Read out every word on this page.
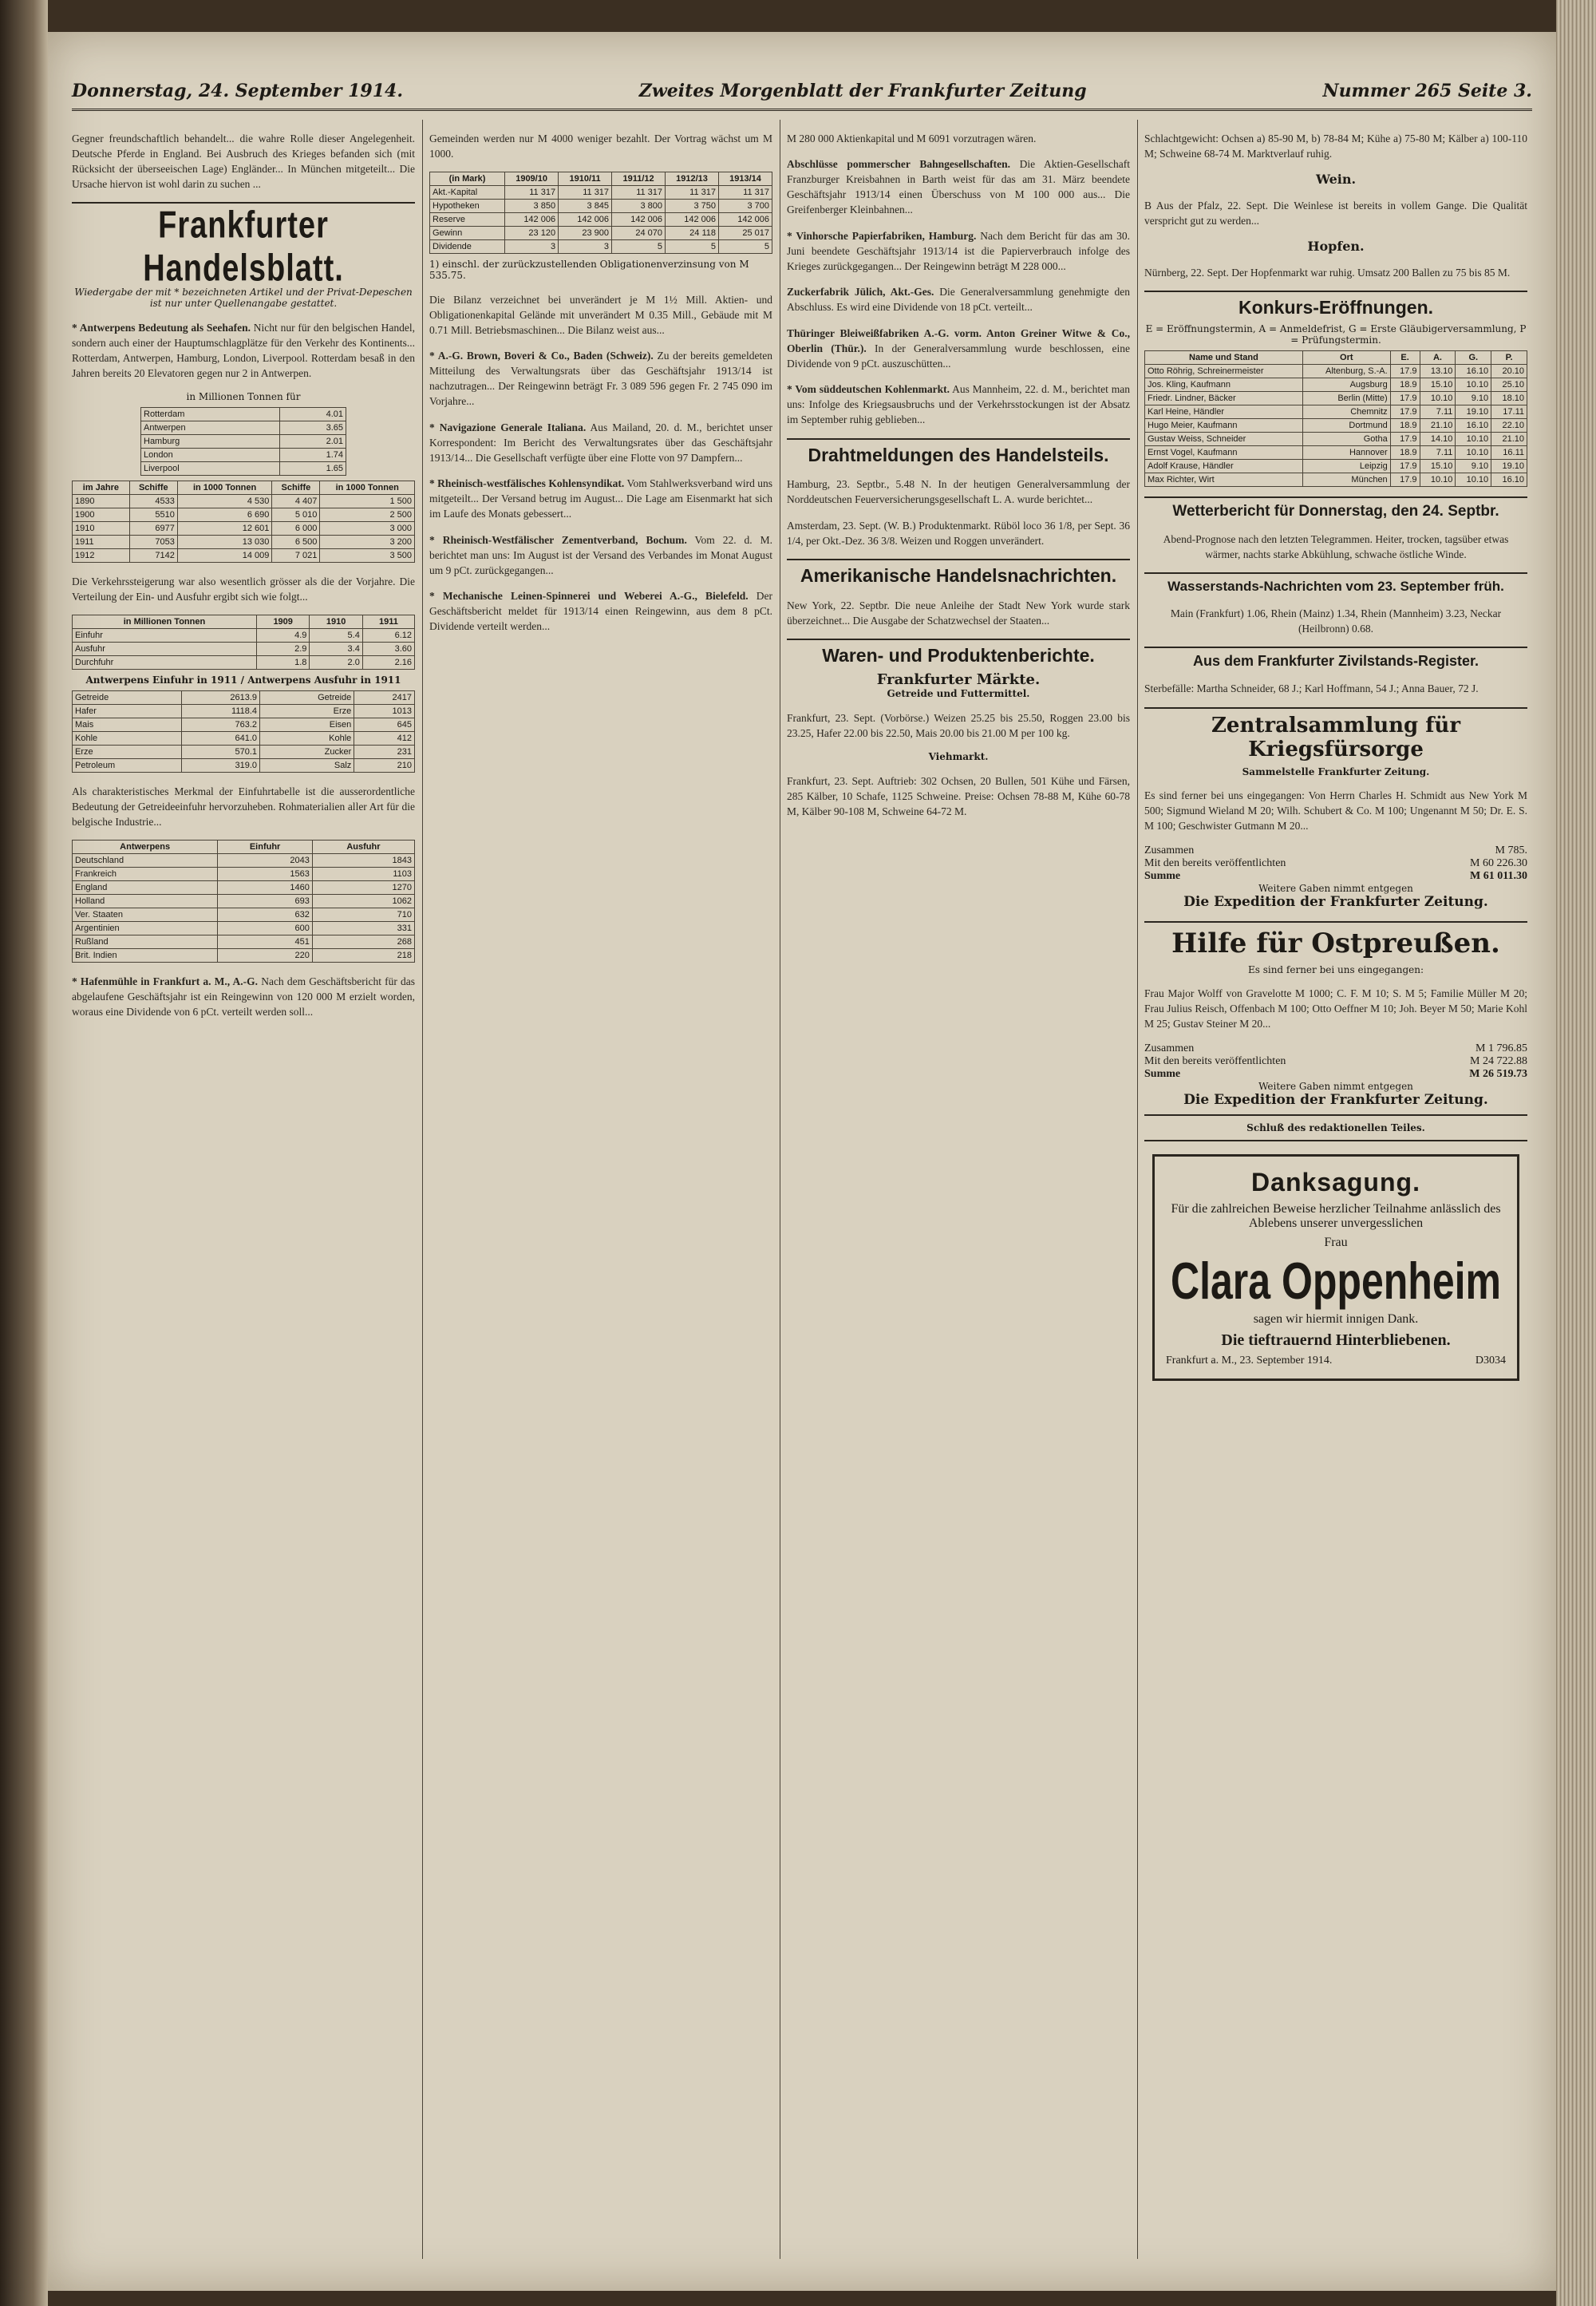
Donnerstag, 24. September 1914.	Zweites Morgenblatt der Frankfurter Zeitung	Nummer 265 Seite 3.

Gegner freundschaftlich behandelt... die wahre Rolle dieser Angelegenheit. Deutsche Pferde in England. Bei Ausbruch des Krieges befanden sich (mit Rücksicht der überseeischen Lage) Engländer... In München mitgeteilt... Die Ursache hiervon ist wohl darin zu suchen ...

Frankfurter Handelsblatt.
Wiedergabe der mit * bezeichneten Artikel und der Privat-Depeschen ist nur unter Quellenangabe gestattet.

* Antwerpens Bedeutung als Seehafen. Nicht nur für den belgischen Handel, sondern auch einer der Hauptumschlagplätze für den Verkehr des Kontinents... Rotterdam, Antwerpen, Hamburg, London, Liverpool. Rotterdam besaß in den Jahren bereits 20 Elevatoren gegen nur 2 in Antwerpen.

in Millionen Tonnen für
Rotterdam	4.01
Antwerpen	3.65
Hamburg	2.01
London	1.74
Liverpool	1.65
im Jahre	Schiffe	in 1000 Tonnen	Schiffe	in 1000 Tonnen
1890	4533	4 530	4 407	1 500
1900	5510	6 690	5 010	2 500
1910	6977	12 601	6 000	3 000
1911	7053	13 030	6 500	3 200
1912	7142	14 009	7 021	3 500

Die Verkehrssteigerung war also wesentlich grösser als die der Vorjahre. Die Verteilung der Ein- und Ausfuhr ergibt sich wie folgt...

in Millionen Tonnen	1909	1910	1911
Einfuhr	4.9	5.4	6.12
Ausfuhr	2.9	3.4	3.60
Durchfuhr	1.8	2.0	2.16
Antwerpens Einfuhr in 1911 / Antwerpens Ausfuhr in 1911
Getreide	2613.9	Getreide	2417
Hafer	1118.4	Erze	1013
Mais	763.2	Eisen	645
Kohle	641.0	Kohle	412
Erze	570.1	Zucker	231
Petroleum	319.0	Salz	210

Als charakteristisches Merkmal der Einfuhrtabelle ist die ausserordentliche Bedeutung der Getreideeinfuhr hervorzuheben. Rohmaterialien aller Art für die belgische Industrie...

Antwerpens	Einfuhr	Ausfuhr
Deutschland	2043	1843
Frankreich	1563	1103
England	1460	1270
Holland	693	1062
Ver. Staaten	632	710
Argentinien	600	331
Rußland	451	268
Brit. Indien	220	218

* Hafenmühle in Frankfurt a. M., A.-G. Nach dem Geschäftsbericht für das abgelaufene Geschäftsjahr ist ein Reingewinn von 120 000 M erzielt worden, woraus eine Dividende von 6 pCt. verteilt werden soll...

Gemeinden werden nur M 4000 weniger bezahlt. Der Vortrag wächst um M 1000.

(in Mark)	1909/10	1910/11	1911/12	1912/13	1913/14
Akt.-Kapital	11 317	11 317	11 317	11 317	11 317
Hypotheken	3 850	3 845	3 800	3 750	3 700
Reserve	142 006	142 006	142 006	142 006	142 006
Gewinn	23 120	23 900	24 070	24 118	25 017
Dividende	3	3	5	5	5
1) einschl. der zurückzustellenden Obligationenverzinsung von M 535.75.

Die Bilanz verzeichnet bei unverändert je M 1½ Mill. Aktien- und Obligationenkapital Gelände mit unverändert M 0.35 Mill., Gebäude mit M 0.71 Mill. Betriebsmaschinen... Die Bilanz weist aus...

* A.-G. Brown, Boveri & Co., Baden (Schweiz). Zu der bereits gemeldeten Mitteilung des Verwaltungsrats über das Geschäftsjahr 1913/14 ist nachzutragen... Der Reingewinn beträgt Fr. 3 089 596 gegen Fr. 2 745 090 im Vorjahre...

* Navigazione Generale Italiana. Aus Mailand, 20. d. M., berichtet unser Korrespondent: Im Bericht des Verwaltungsrates über das Geschäftsjahr 1913/14... Die Gesellschaft verfügte über eine Flotte von 97 Dampfern...

* Rheinisch-westfälisches Kohlensyndikat. Vom Stahlwerksverband wird uns mitgeteilt... Der Versand betrug im August... Die Lage am Eisenmarkt hat sich im Laufe des Monats gebessert...

* Rheinisch-Westfälischer Zementverband, Bochum. Vom 22. d. M. berichtet man uns: Im August ist der Versand des Verbandes im Monat August um 9 pCt. zurückgegangen...

* Mechanische Leinen-Spinnerei und Weberei A.-G., Bielefeld. Der Geschäftsbericht meldet für 1913/14 einen Reingewinn, aus dem 8 pCt. Dividende verteilt werden...

M 280 000 Aktienkapital und M 6091 vorzutragen wären.

Abschlüsse pommerscher Bahngesellschaften. Die Aktien-Gesellschaft Franzburger Kreisbahnen in Barth weist für das am 31. März beendete Geschäftsjahr 1913/14 einen Überschuss von M 100 000 aus... Die Greifenberger Kleinbahnen...

* Vinhorsche Papierfabriken, Hamburg. Nach dem Bericht für das am 30. Juni beendete Geschäftsjahr 1913/14 ist die Papierverbrauch infolge des Krieges zurückgegangen... Der Reingewinn beträgt M 228 000...

Zuckerfabrik Jülich, Akt.-Ges. Die Generalversammlung genehmigte den Abschluss. Es wird eine Dividende von 18 pCt. verteilt...

Thüringer Bleiweißfabriken A.-G. vorm. Anton Greiner Witwe & Co., Oberlin (Thür.). In der Generalversammlung wurde beschlossen, eine Dividende von 9 pCt. auszuschütten...

* Vom süddeutschen Kohlenmarkt. Aus Mannheim, 22. d. M., berichtet man uns: Infolge des Kriegsausbruchs und der Verkehrsstockungen ist der Absatz im September ruhig geblieben...

Drahtmeldungen des Handelsteils.

Hamburg, 23. Septbr., 5.48 N. In der heutigen Generalversammlung der Norddeutschen Feuerversicherungsgesellschaft L. A. wurde berichtet...

Amsterdam, 23. Sept. (W. B.) Produktenmarkt. Rüböl loco 36 1/8, per Sept. 36 1/4, per Okt.-Dez. 36 3/8. Weizen und Roggen unverändert.

Amerikanische Handelsnachrichten.

New York, 22. Septbr. Die neue Anleihe der Stadt New York wurde stark überzeichnet... Die Ausgabe der Schatzwechsel der Staaten...

Waren- und Produktenberichte.
Frankfurter Märkte.
Getreide und Futtermittel.

Frankfurt, 23. Sept. (Vorbörse.) Weizen 25.25 bis 25.50, Roggen 23.00 bis 23.25, Hafer 22.00 bis 22.50, Mais 20.00 bis 21.00 M per 100 kg.

Viehmarkt.

Frankfurt, 23. Sept. Auftrieb: 302 Ochsen, 20 Bullen, 501 Kühe und Färsen, 285 Kälber, 10 Schafe, 1125 Schweine. Preise: Ochsen 78-88 M, Kühe 60-78 M, Kälber 90-108 M, Schweine 64-72 M.

Schlachtgewicht: Ochsen a) 85-90 M, b) 78-84 M; Kühe a) 75-80 M; Kälber a) 100-110 M; Schweine 68-74 M. Marktverlauf ruhig.

Wein.

B Aus der Pfalz, 22. Sept. Die Weinlese ist bereits in vollem Gange. Die Qualität verspricht gut zu werden...

Hopfen.

Nürnberg, 22. Sept. Der Hopfenmarkt war ruhig. Umsatz 200 Ballen zu 75 bis 85 M.

Konkurs-Eröffnungen.
E = Eröffnungstermin, A = Anmeldefrist, G = Erste Gläubigerversammlung, P = Prüfungstermin.
Name und Stand	Ort	E.	A.	G.	P.
Otto Röhrig, Schreinermeister	Altenburg, S.-A.	17.9	13.10	16.10	20.10
Jos. Kling, Kaufmann	Augsburg	18.9	15.10	10.10	25.10
Friedr. Lindner, Bäcker	Berlin (Mitte)	17.9	10.10	9.10	18.10
Karl Heine, Händler	Chemnitz	17.9	7.11	19.10	17.11
Hugo Meier, Kaufmann	Dortmund	18.9	21.10	16.10	22.10
Gustav Weiss, Schneider	Gotha	17.9	14.10	10.10	21.10
Ernst Vogel, Kaufmann	Hannover	18.9	7.11	10.10	16.11
Adolf Krause, Händler	Leipzig	17.9	15.10	9.10	19.10
Max Richter, Wirt	München	17.9	10.10	10.10	16.10
Wetterbericht für Donnerstag, den 24. Septbr.

Abend-Prognose nach den letzten Telegrammen. Heiter, trocken, tagsüber etwas wärmer, nachts starke Abkühlung, schwache östliche Winde.

Wasserstands-Nachrichten vom 23. September früh.

Main (Frankfurt) 1.06, Rhein (Mainz) 1.34, Rhein (Mannheim) 3.23, Neckar (Heilbronn) 0.68.

Aus dem Frankfurter Zivilstands-Register.

Sterbefälle: Martha Schneider, 68 J.; Karl Hoffmann, 54 J.; Anna Bauer, 72 J.

Zentralsammlung für Kriegsfürsorge
Sammelstelle Frankfurter Zeitung.

Es sind ferner bei uns eingegangen: Von Herrn Charles H. Schmidt aus New York M 500; Sigmund Wieland M 20; Wilh. Schubert & Co. M 100; Ungenannt M 50; Dr. E. S. M 100; Geschwister Gutmann M 20...

Zusammen	M 785.
Mit den bereits veröffentlichten	M 60 226.30
Summe	M 61 011.30
Weitere Gaben nimmt entgegen
Die Expedition der Frankfurter Zeitung.
Hilfe für Ostpreußen.
Es sind ferner bei uns eingegangen:

Frau Major Wolff von Gravelotte M 1000; C. F. M 10; S. M 5; Familie Müller M 20; Frau Julius Reisch, Offenbach M 100; Otto Oeffner M 10; Joh. Beyer M 50; Marie Kohl M 25; Gustav Steiner M 20...

Zusammen	M 1 796.85
Mit den bereits veröffentlichten	M 24 722.88
Summe	M 26 519.73
Weitere Gaben nimmt entgegen
Die Expedition der Frankfurter Zeitung.
Schluß des redaktionellen Teiles.
Danksagung.

Für die zahlreichen Beweise herzlicher Teilnahme anlässlich des Ablebens unserer unvergesslichen

Frau

Clara Oppenheim

sagen wir hiermit innigen Dank.

Die tieftrauernd Hinterbliebenen.

Frankfurt a. M., 23. September 1914.	D3034
